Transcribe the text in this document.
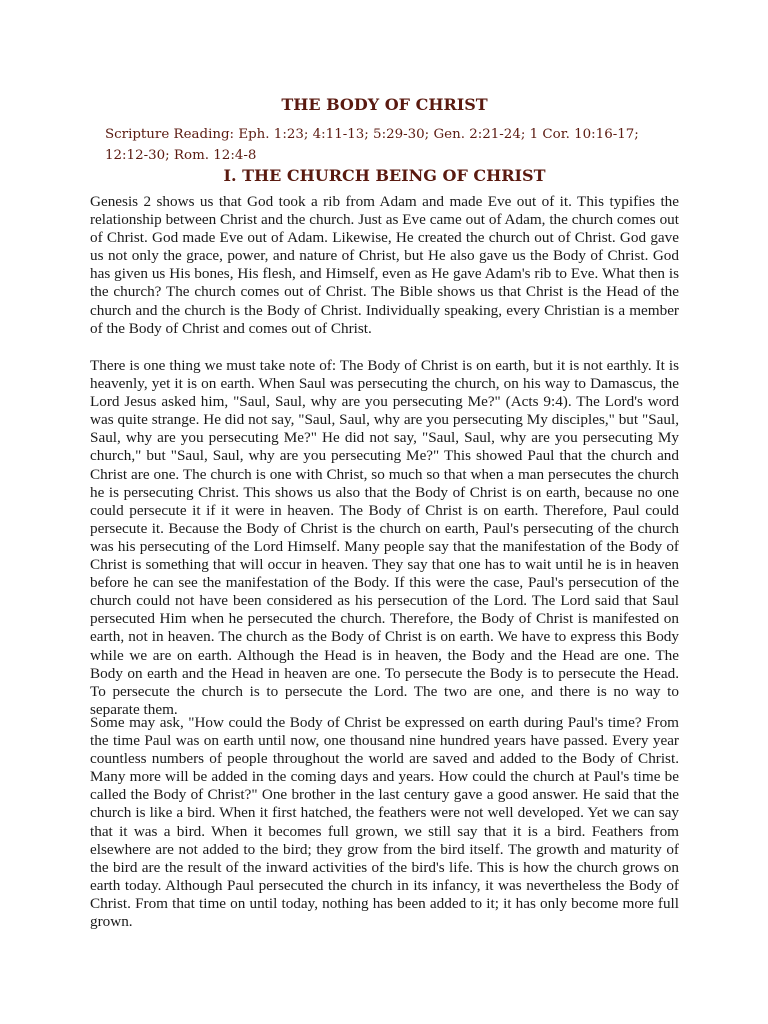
THE BODY OF CHRIST

Scripture Reading: Eph. 1:23; 4:11-13; 5:29-30; Gen. 2:21-24; 1 Cor. 10:16-17; 12:12-30; Rom. 12:4-8

I. THE CHURCH BEING OF CHRIST

Genesis 2 shows us that God took a rib from Adam and made Eve out of it. This typifies the relationship between Christ and the church. Just as Eve came out of Adam, the church comes out of Christ. God made Eve out of Adam. Likewise, He created the church out of Christ. God gave us not only the grace, power, and nature of Christ, but He also gave us the Body of Christ. God has given us His bones, His flesh, and Himself, even as He gave Adam's rib to Eve. What then is the church? The church comes out of Christ. The Bible shows us that Christ is the Head of the church and the church is the Body of Christ. Individually speaking, every Christian is a member of the Body of Christ and comes out of Christ.

There is one thing we must take note of: The Body of Christ is on earth, but it is not earthly. It is heavenly, yet it is on earth. When Saul was persecuting the church, on his way to Damascus, the Lord Jesus asked him, "Saul, Saul, why are you persecuting Me?" (Acts 9:4). The Lord's word was quite strange. He did not say, "Saul, Saul, why are you persecuting My disciples," but "Saul, Saul, why are you persecuting Me?" He did not say, "Saul, Saul, why are you persecuting My church," but "Saul, Saul, why are you persecuting Me?" This showed Paul that the church and Christ are one. The church is one with Christ, so much so that when a man persecutes the church he is persecuting Christ. This shows us also that the Body of Christ is on earth, because no one could persecute it if it were in heaven. The Body of Christ is on earth. Therefore, Paul could persecute it. Because the Body of Christ is the church on earth, Paul's persecuting of the church was his persecuting of the Lord Himself. Many people say that the manifestation of the Body of Christ is something that will occur in heaven. They say that one has to wait until he is in heaven before he can see the manifestation of the Body. If this were the case, Paul's persecution of the church could not have been considered as his persecution of the Lord. The Lord said that Saul persecuted Him when he persecuted the church. Therefore, the Body of Christ is manifested on earth, not in heaven. The church as the Body of Christ is on earth. We have to express this Body while we are on earth. Although the Head is in heaven, the Body and the Head are one. The Body on earth and the Head in heaven are one. To persecute the Body is to persecute the Head. To persecute the church is to persecute the Lord. The two are one, and there is no way to separate them.

Some may ask, "How could the Body of Christ be expressed on earth during Paul's time? From the time Paul was on earth until now, one thousand nine hundred years have passed. Every year countless numbers of people throughout the world are saved and added to the Body of Christ. Many more will be added in the coming days and years. How could the church at Paul's time be called the Body of Christ?" One brother in the last century gave a good answer. He said that the church is like a bird. When it first hatched, the feathers were not well developed. Yet we can say that it was a bird. When it becomes full grown, we still say that it is a bird. Feathers from elsewhere are not added to the bird; they grow from the bird itself. The growth and maturity of the bird are the result of the inward activities of the bird's life. This is how the church grows on earth today. Although Paul persecuted the church in its infancy, it was nevertheless the Body of Christ. From that time on until today, nothing has been added to it; it has only become more full grown.
